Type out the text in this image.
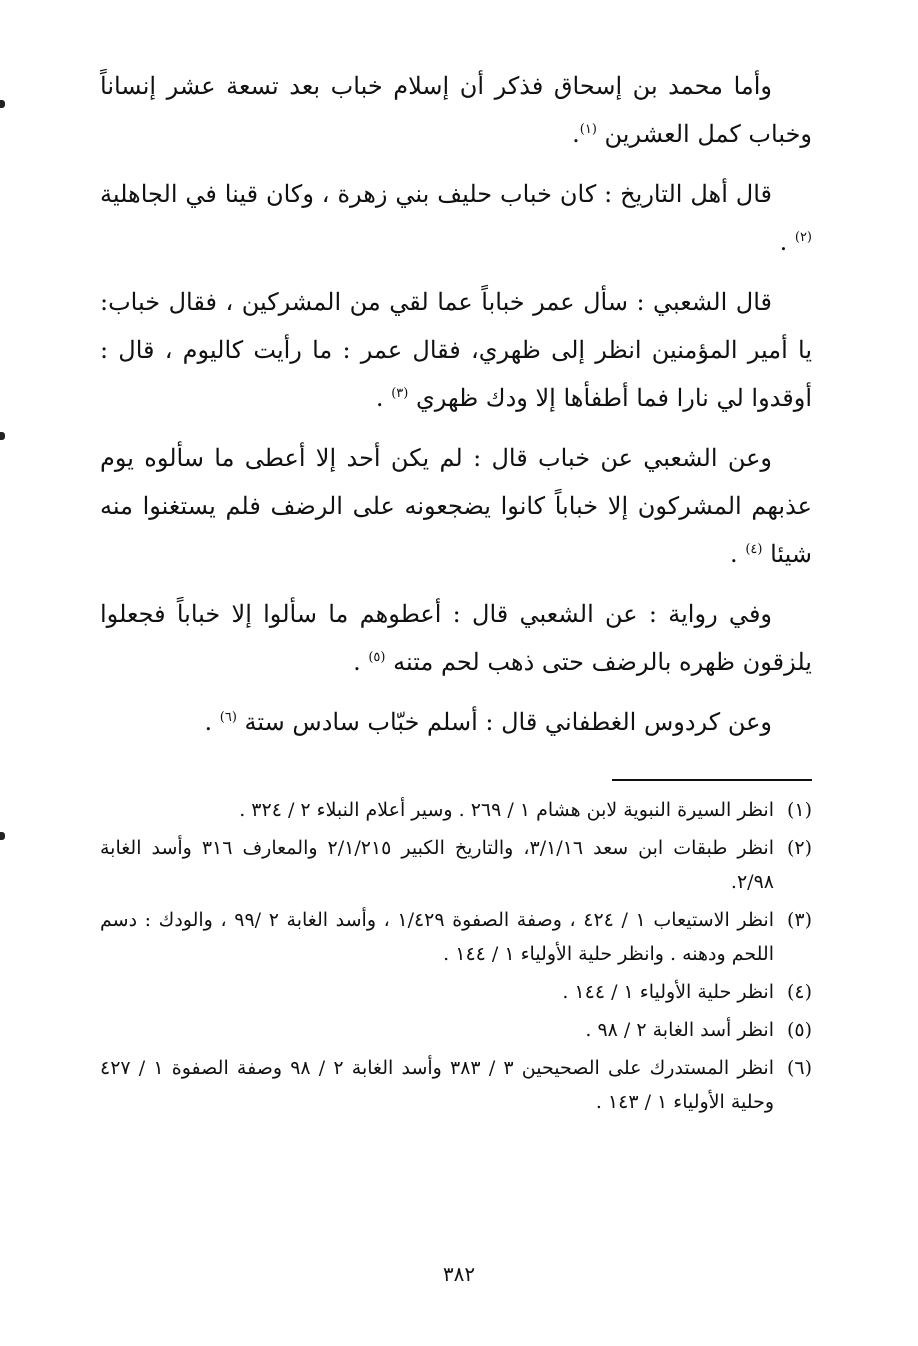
وأما محمد بن إسحاق فذكر أن إسلام خباب بعد تسعة عشر إنساناً وخباب كمل العشرين $^{(١)}$.

قال أهل التاريخ : كان خباب حليف بني زهرة ، وكان قينا في الجاهلية $^{(٢)}$ .

قال الشعبي : سأل عمر خباباً عما لقي من المشركين ، فقال خباب: يا أمير المؤمنين انظر إلى ظهري، فقال عمر : ما رأيت كاليوم ، قال : أوقدوا لي نارا فما أطفأها إلا ودك ظهري $^{(٣)}$ .

وعن الشعبي عن خباب قال : لم يكن أحد إلا أعطى ما سألوه يوم عذبهم المشركون إلا خباباً كانوا يضجعونه على الرضف فلم يستغنوا منه شيئا $^{(٤)}$ .

وفي رواية : عن الشعبي قال : أعطوهم ما سألوا إلا خباباً فجعلوا يلزقون ظهره بالرضف حتى ذهب لحم متنه $^{(٥)}$ .

وعن كردوس الغطفاني قال : أسلم خبّاب سادس ستة $^{(٦)}$ .

(١)
انظر السيرة النبوية لابن هشام ١ / ٢٦٩ . وسير أعلام النبلاء ٢ / ٣٢٤ .
(٢)
انظر طبقات ابن سعد ٣/١/١٦، والتاريخ الكبير ٢/١/٢١٥ والمعارف ٣١٦ وأسد الغابة ٢/٩٨.
(٣)
انظر الاستيعاب ١ / ٤٢٤ ، وصفة الصفوة ١/٤٢٩ ، وأسد الغابة ٢ /٩٩ ، والودك : دسم اللحم ودهنه . وانظر حلية الأولياء ١ / ١٤٤ .
(٤)
انظر حلية الأولياء ١ / ١٤٤ .
(٥)
انظر أسد الغابة ٢ / ٩٨ .
(٦)
انظر المستدرك على الصحيحين ٣ / ٣٨٣ وأسد الغابة ٢ / ٩٨ وصفة الصفوة ١ / ٤٢٧ وحلية الأولياء ١ / ١٤٣ .
٣٨٢
